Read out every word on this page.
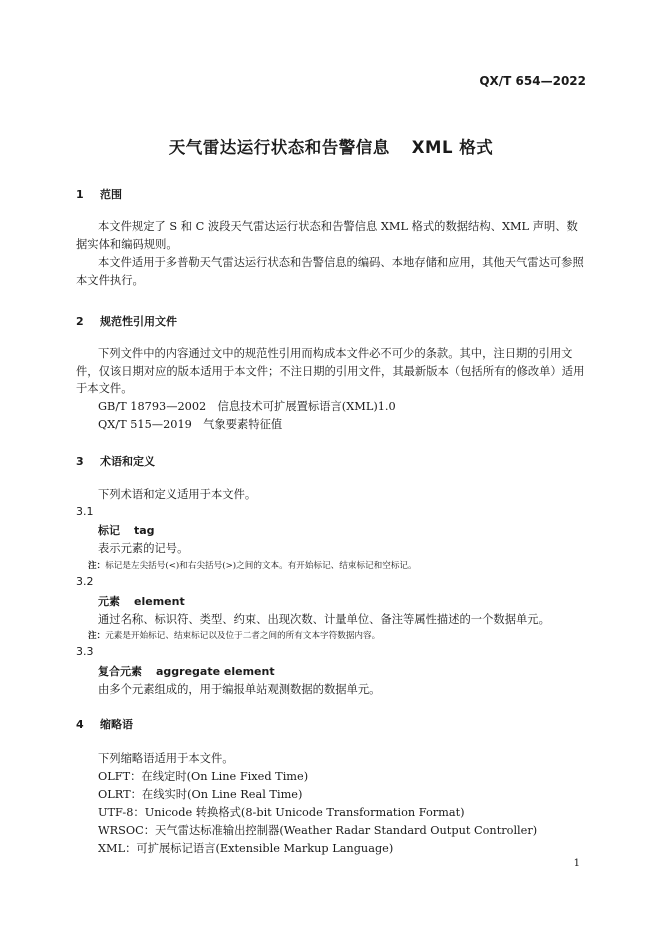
QX/T 654—2022
天气雷达运行状态和告警信息 XML 格式
1 范围

本文件规定了 S 和 C 波段天气雷达运行状态和告警信息 XML 格式的数据结构、XML 声明、数据实体和编码规则。

本文件适用于多普勒天气雷达运行状态和告警信息的编码、本地存储和应用，其他天气雷达可参照本文件执行。

2 规范性引用文件

下列文件中的内容通过文中的规范性引用而构成本文件必不可少的条款。其中，注日期的引用文件，仅该日期对应的版本适用于本文件；不注日期的引用文件，其最新版本（包括所有的修改单）适用于本文件。

GB/T 18793—2002　信息技术可扩展置标语言(XML)1.0
QX/T 515—2019　气象要素特征值
3 术语和定义
下列术语和定义适用于本文件。
3.1
标记 tag
表示元素的记号。
注：标记是左尖括号(<)和右尖括号(>)之间的文本。有开始标记、结束标记和空标记。
3.2
元素 element
通过名称、标识符、类型、约束、出现次数、计量单位、备注等属性描述的一个数据单元。
注：元素是开始标记、结束标记以及位于二者之间的所有文本字符数据内容。
3.3
复合元素 aggregate element
由多个元素组成的，用于编报单站观测数据的数据单元。
4 缩略语
下列缩略语适用于本文件。
OLFT：在线定时(On Line Fixed Time)
OLRT：在线实时(On Line Real Time)
UTF-8：Unicode 转换格式(8-bit Unicode Transformation Format)
WRSOC：天气雷达标准输出控制器(Weather Radar Standard Output Controller)
XML：可扩展标记语言(Extensible Markup Language)
1
